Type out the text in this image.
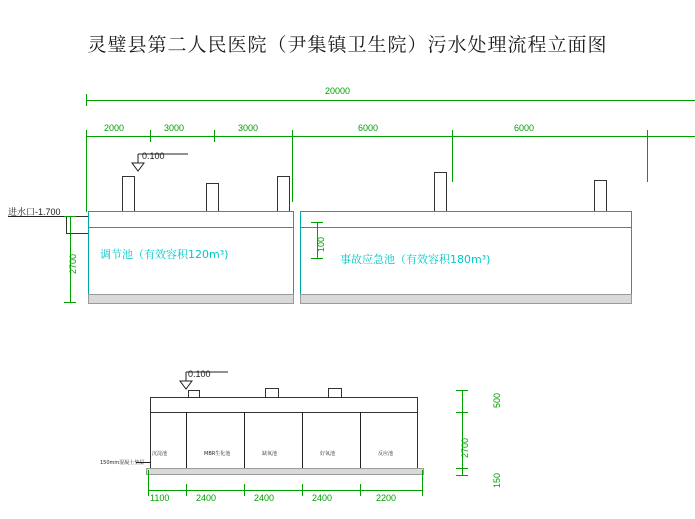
灵璧县第二人民医院（尹集镇卫生院）污水处理流程立面图
20000
2000	3000	3000	6000	6000
0.100
进水口-1.700
调节池（有效容积120m³)	事故应急池（有效容积180m³)
100
2700
0.100
沉淀池	MBR生化池	缺氧池	好氧池	反应池
150mm混凝土垫层
500
2700
150
1100	2400	2400	2400	2200
